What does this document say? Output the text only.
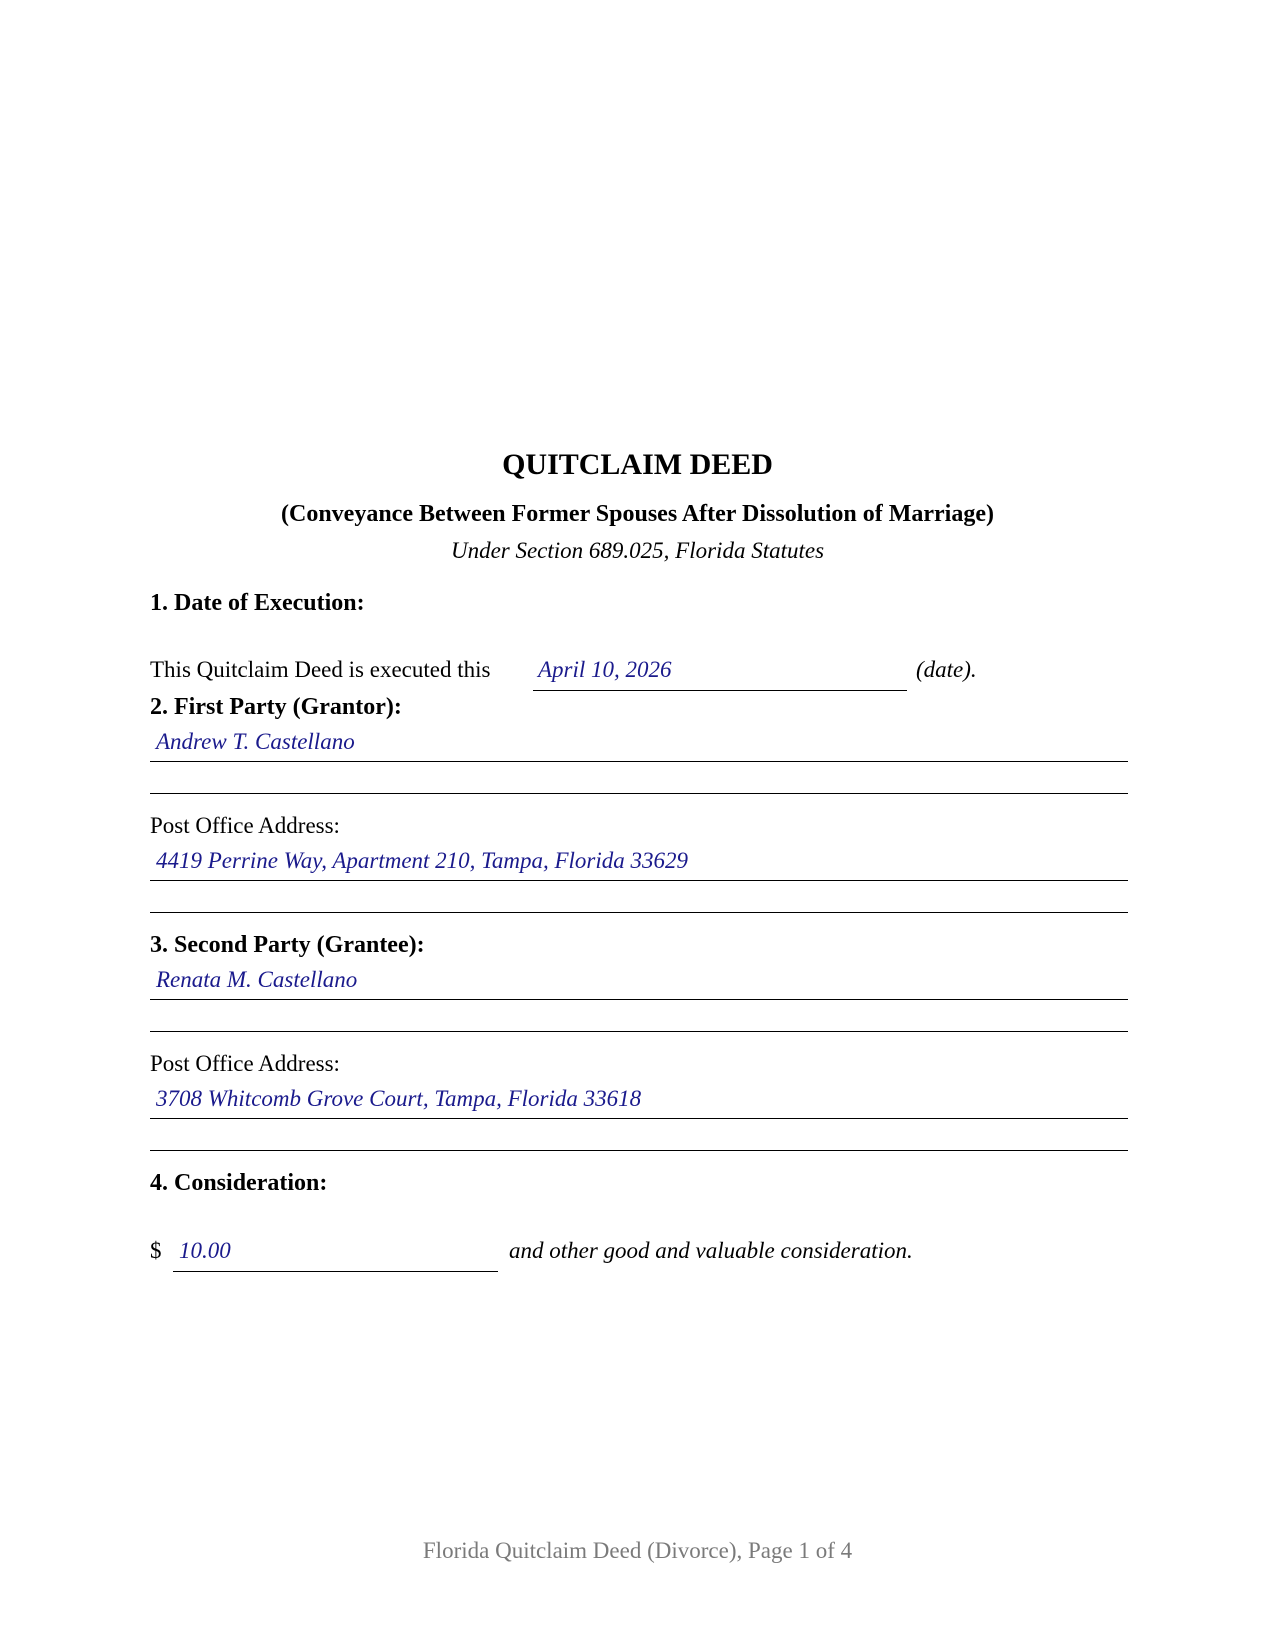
QUITCLAIM DEED
(Conveyance Between Former Spouses After Dissolution of Marriage)
Under Section 689.025, Florida Statutes
1. Date of Execution:
This Quitclaim Deed is executed this April 10, 2026	(date).
2. First Party (Grantor):
Andrew T. Castellano
Post Office Address:
4419 Perrine Way, Apartment 210, Tampa, Florida 33629
3. Second Party (Grantee):
Renata M. Castellano
Post Office Address:
3708 Whitcomb Grove Court, Tampa, Florida 33618
4. Consideration:
$ 10.00	and other good and valuable consideration.
Florida Quitclaim Deed (Divorce), Page 1 of 4
